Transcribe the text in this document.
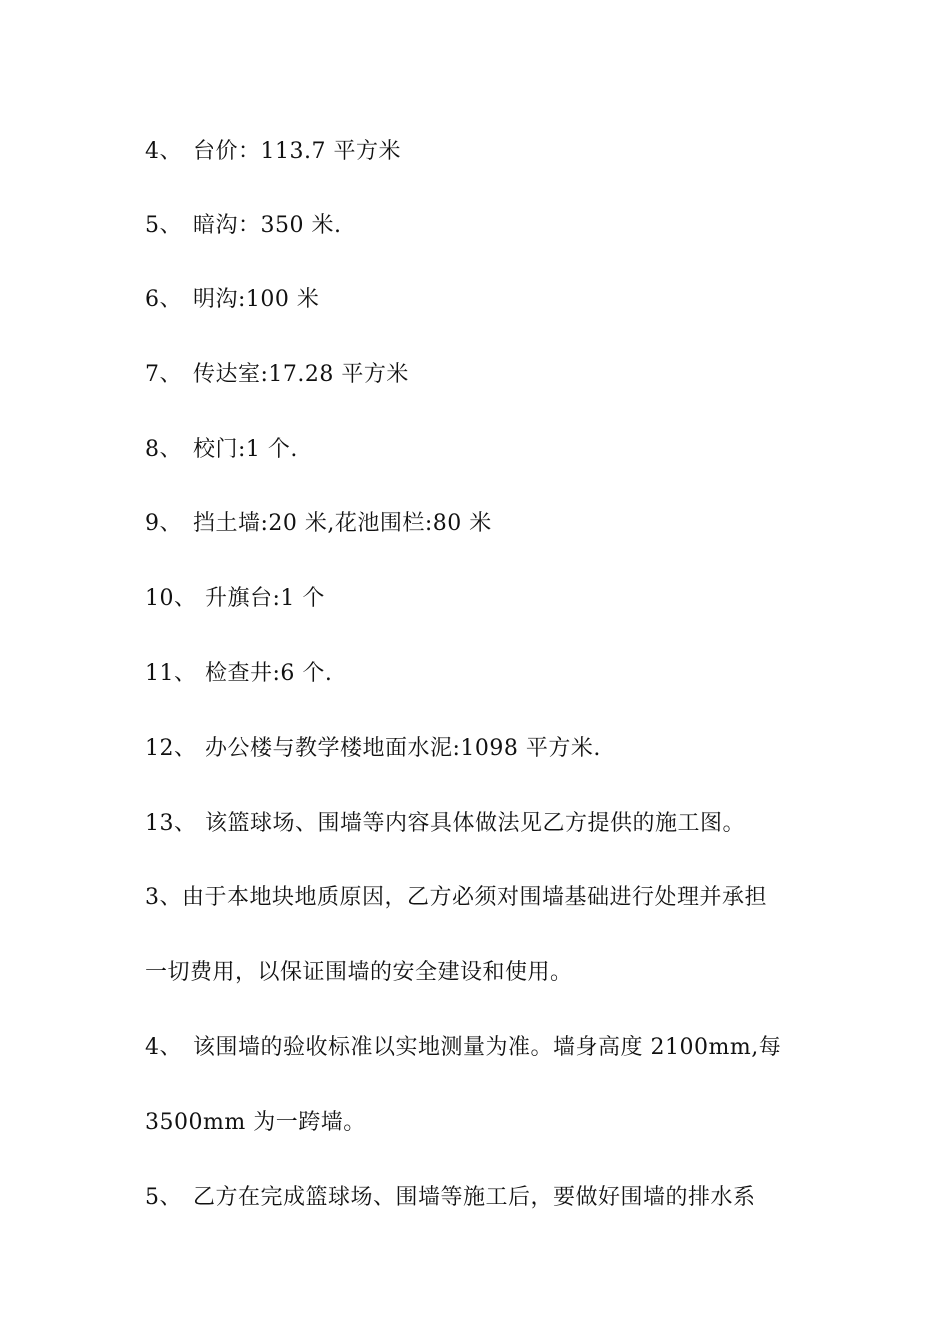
4、 台价：113.7 平方米
5、 暗沟：350 米.
6、 明沟:100 米
7、 传达室:17.28 平方米
8、 校门:1 个.
9、 挡土墙:20 米,花池围栏:80 米
10、 升旗台:1 个
11、 检查井:6 个.
12、 办公楼与教学楼地面水泥:1098 平方米.
13、 该篮球场、围墙等内容具体做法见乙方提供的施工图。
3、由于本地块地质原因，乙方必须对围墙基础进行处理并承担
一切费用，以保证围墙的安全建设和使用。
4、 该围墙的验收标准以实地测量为准。墙身高度 2100mm,每
3500mm 为一跨墙。
5、 乙方在完成篮球场、围墙等施工后，要做好围墙的排水系
